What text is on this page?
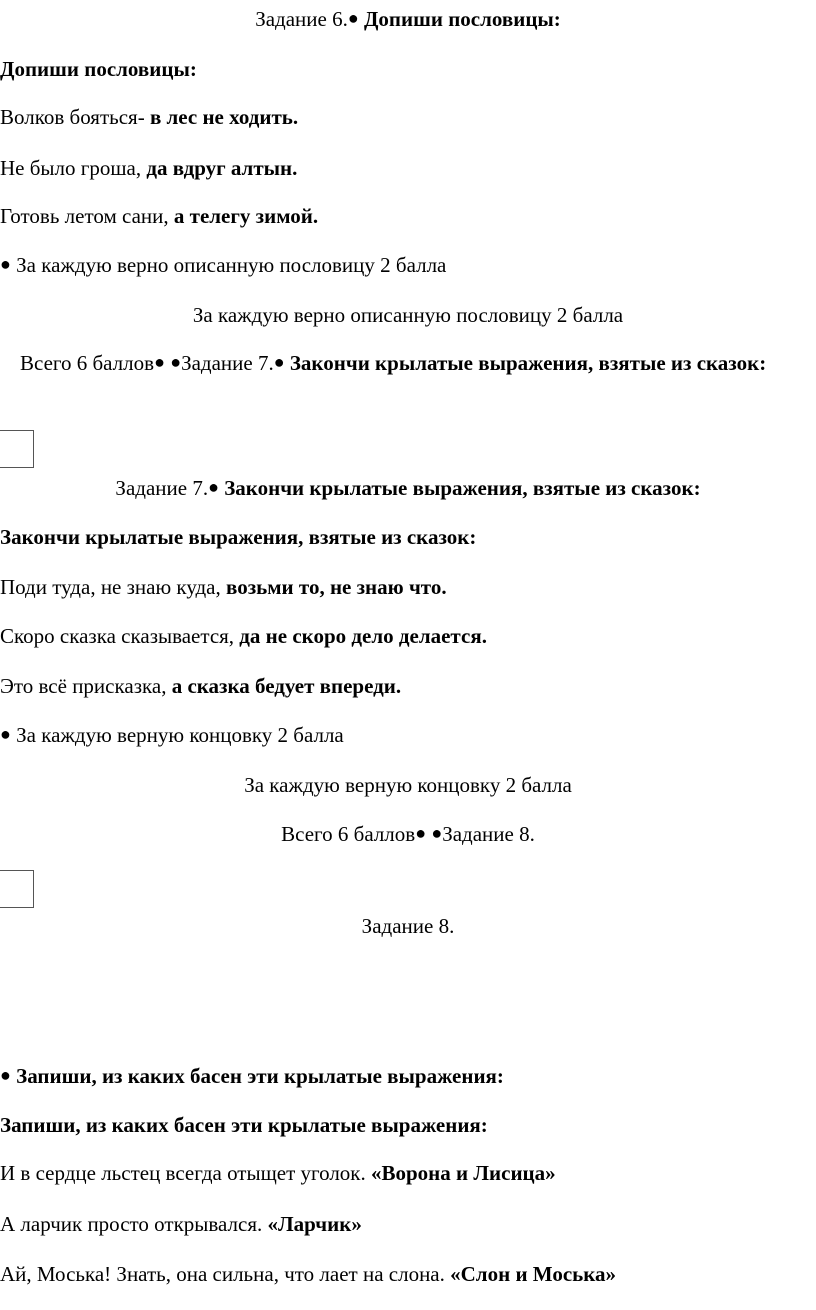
Задание 6.● Допиши пословицы:
Допиши пословицы:
Волков бояться- в лес не ходить.
Не было гроша, да вдруг алтын.
Готовь летом сани, а телегу зимой.
● За каждую верно описанную пословицу 2 балла
За каждую верно описанную пословицу 2 балла
Всего 6 баллов● ●Задание 7.● Закончи крылатые выражения, взятые из сказок:
Задание 7.● Закончи крылатые выражения, взятые из сказок:
Закончи крылатые выражения, взятые из сказок:
Поди туда, не знаю куда, возьми то, не знаю что.
Скоро сказка сказывается, да не скоро дело делается.
Это всё присказка, а сказка бедует впереди.
● За каждую верную концовку 2 балла
За каждую верную концовку 2 балла
Всего 6 баллов● ●Задание 8.
Задание 8.
● Запиши, из каких басен эти крылатые выражения:
Запиши, из каких басен эти крылатые выражения:
И в сердце льстец всегда отыщет уголок. «Ворона и Лисица»
А ларчик просто открывался. «Ларчик»
Ай, Моська! Знать, она сильна, что лает на слона. «Слон и Моська»
